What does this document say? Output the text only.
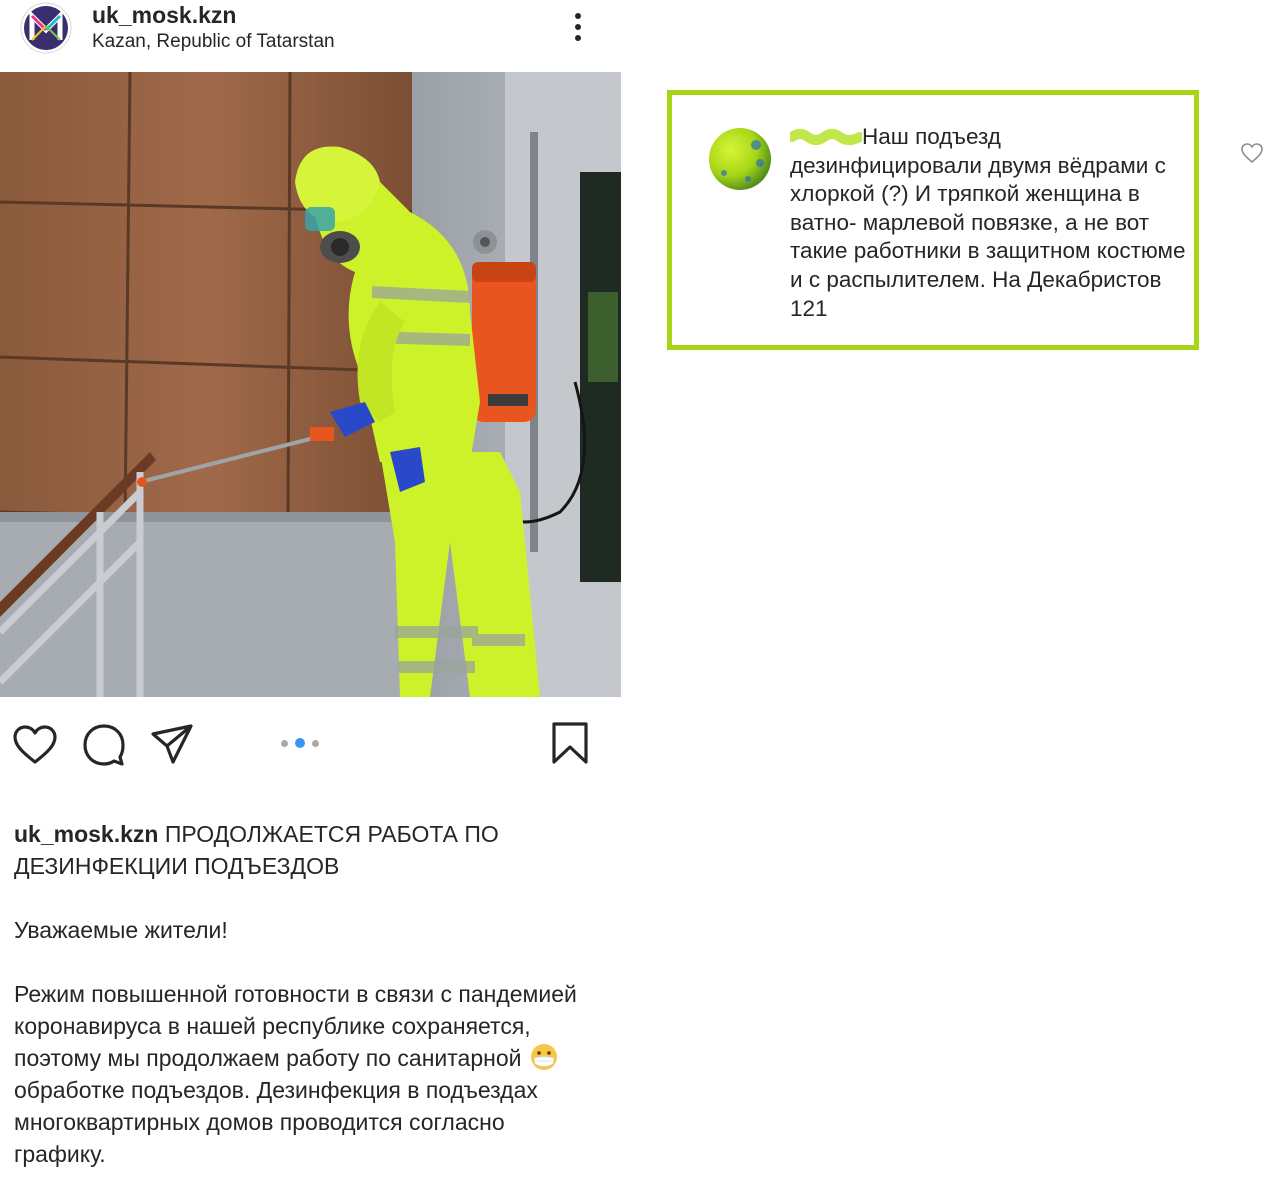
uk_mosk.kzn
Kazan, Republic of Tatarstan

uk_mosk.kzn ПРОДОЛЖАЕТСЯ РАБОТА ПО ДЕЗИНФЕКЦИИ ПОДЪЕЗДОВ

Уважаемые жители!

Режим повышенной готовности в связи с пандемией коронавируса в нашей республике сохраняется, поэтому мы продолжаем работу по санитарной  обработке подъездов. Дезинфекция в подъездах многоквартирных домов проводится согласно графику.

Наш подъезд дезинфицировали двумя вёдрами с хлоркой (?) И тряпкой женщина в ватно- марлевой повязке, а не вот такие работники в защитном костюме и с распылителем. На Декабристов 121
